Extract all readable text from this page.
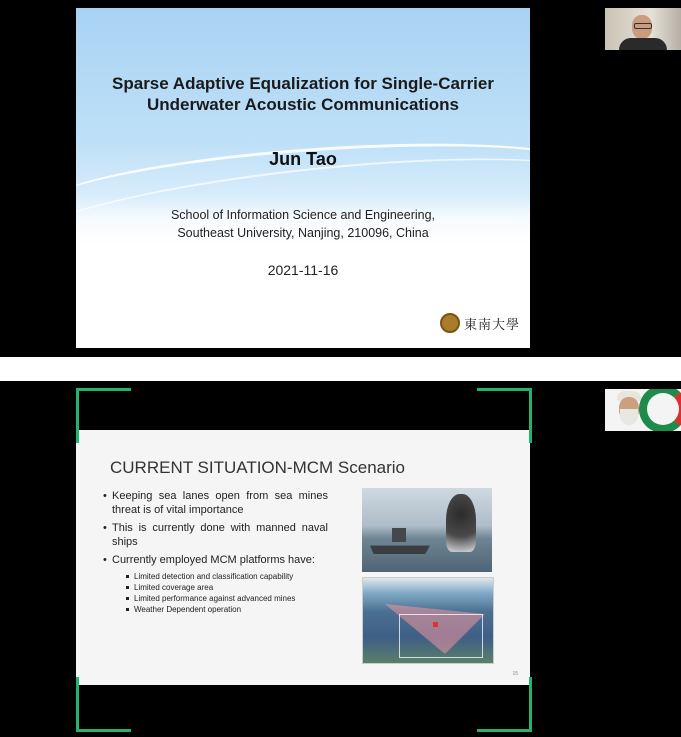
Sparse Adaptive Equalization for Single-Carrier
Underwater Acoustic Communications
Jun Tao
School of Information Science and Engineering,
Southeast University, Nanjing, 210096, China
2021-11-16
東南大學
CURRENT SITUATION-MCM Scenario
• Keeping sea lanes open from sea mines threat is of vital importance
• This is currently done with manned naval ships
• Currently employed MCM platforms have:
Limited detection and classification capability
Limited coverage area
Limited performance against advanced mines
Weather Dependent operation
15
